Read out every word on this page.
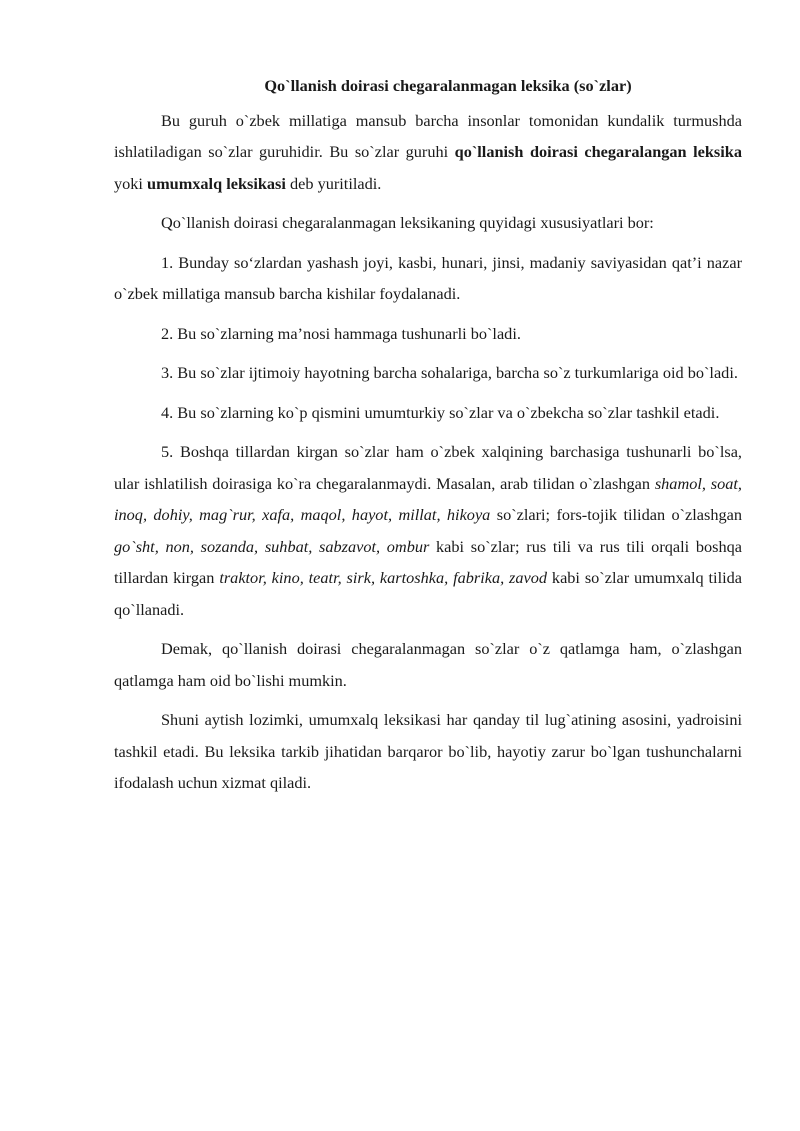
Qo`llanish doirasi chegaralanmagan leksika (so`zlar)

Bu guruh o`zbek millatiga mansub barcha insonlar tomonidan kundalik turmushda ishlatiladigan so`zlar guruhidir. Bu so`zlar guruhi qo`llanish doirasi chegaralangan leksika yoki umumxalq leksikasi deb yuritiladi.

Qo`llanish doirasi chegaralanmagan leksikaning quyidagi xususiyatlari bor:

1. Bunday so‘zlardan yashash joyi, kasbi, hunari, jinsi, madaniy saviyasidan qat’i nazar o`zbek millatiga mansub barcha kishilar foydalanadi.

2. Bu so`zlarning ma’nosi hammaga tushunarli bo`ladi.

3. Bu so`zlar ijtimoiy hayotning barcha sohalariga, barcha so`z turkumlariga oid bo`ladi.

4. Bu so`zlarning ko`p qismini umumturkiy so`zlar va o`zbekcha so`zlar tashkil etadi.

5. Boshqa tillardan kirgan so`zlar ham o`zbek xalqining barchasiga tushunarli bo`lsa, ular ishlatilish doirasiga ko`ra chegaralanmaydi. Masalan, arab tilidan o`zlashgan shamol, soat, inoq, dohiy, mag`rur, xafa, maqol, hayot, millat, hikoya so`zlari; fors-tojik tilidan o`zlashgan go`sht, non, sozanda, suhbat, sabzavot, ombur kabi so`zlar; rus tili va rus tili orqali boshqa tillardan kirgan traktor, kino, teatr, sirk, kartoshka, fabrika, zavod kabi so`zlar umumxalq tilida qo`llanadi.

Demak, qo`llanish doirasi chegaralanmagan so`zlar o`z qatlamga ham, o`zlashgan qatlamga ham oid bo`lishi mumkin.

Shuni aytish lozimki, umumxalq leksikasi har qanday til lug`atining asosini, yadroisini tashkil etadi. Bu leksika tarkib jihatidan barqaror bo`lib, hayotiy zarur bo`lgan tushunchalarni ifodalash uchun xizmat qiladi.
